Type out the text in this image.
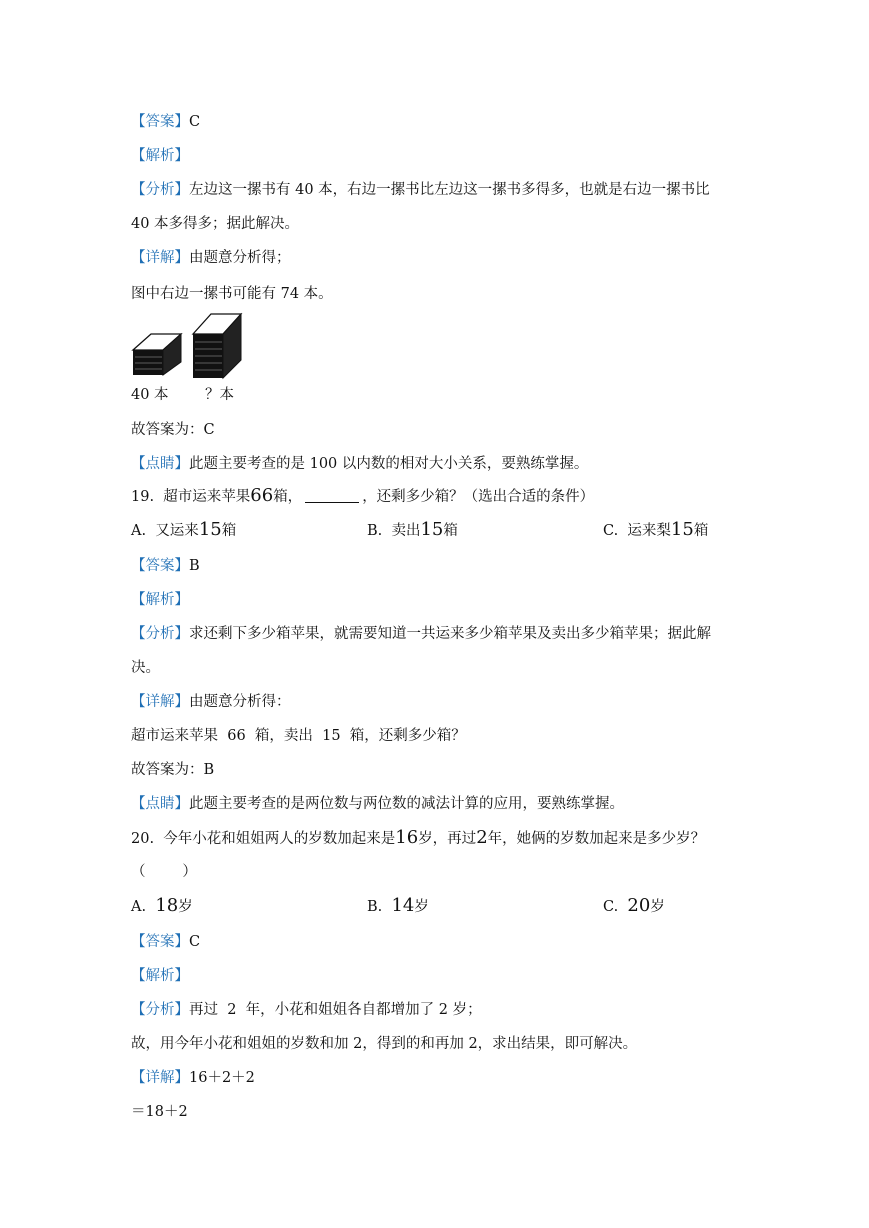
【答案】C
【解析】
【分析】左边这一摞书有 40 本，右边一摞书比左边这一摞书多得多，也就是右边一摞书比
40 本多得多；据此解决。
【详解】由题意分析得；
图中右边一摞书可能有 74 本。
40 本	？本
故答案为：C
【点睛】此题主要考查的是 100 以内数的相对大小关系，要熟练掌握。
19. 超市运来苹果66箱，	，还剩多少箱？（选出合适的条件）
A. 又运来15箱	B. 卖出15箱	C. 运来梨15箱
【答案】B
【解析】
【分析】求还剩下多少箱苹果，就需要知道一共运来多少箱苹果及卖出多少箱苹果；据此解
决。
【详解】由题意分析得：
超市运来苹果  66  箱，卖出  15  箱，还剩多少箱？
故答案为：B
【点睛】此题主要考查的是两位数与两位数的减法计算的应用，要熟练掌握。
20. 今年小花和姐姐两人的岁数加起来是16岁，再过2年，她俩的岁数加起来是多少岁？
（        ）
A. 18岁	B. 14岁	C. 20岁
【答案】C
【解析】
【分析】再过  2  年，小花和姐姐各自都增加了 2 岁；
故，用今年小花和姐姐的岁数和加 2，得到的和再加 2，求出结果，即可解决。
【详解】16＋2＋2
＝18＋2
